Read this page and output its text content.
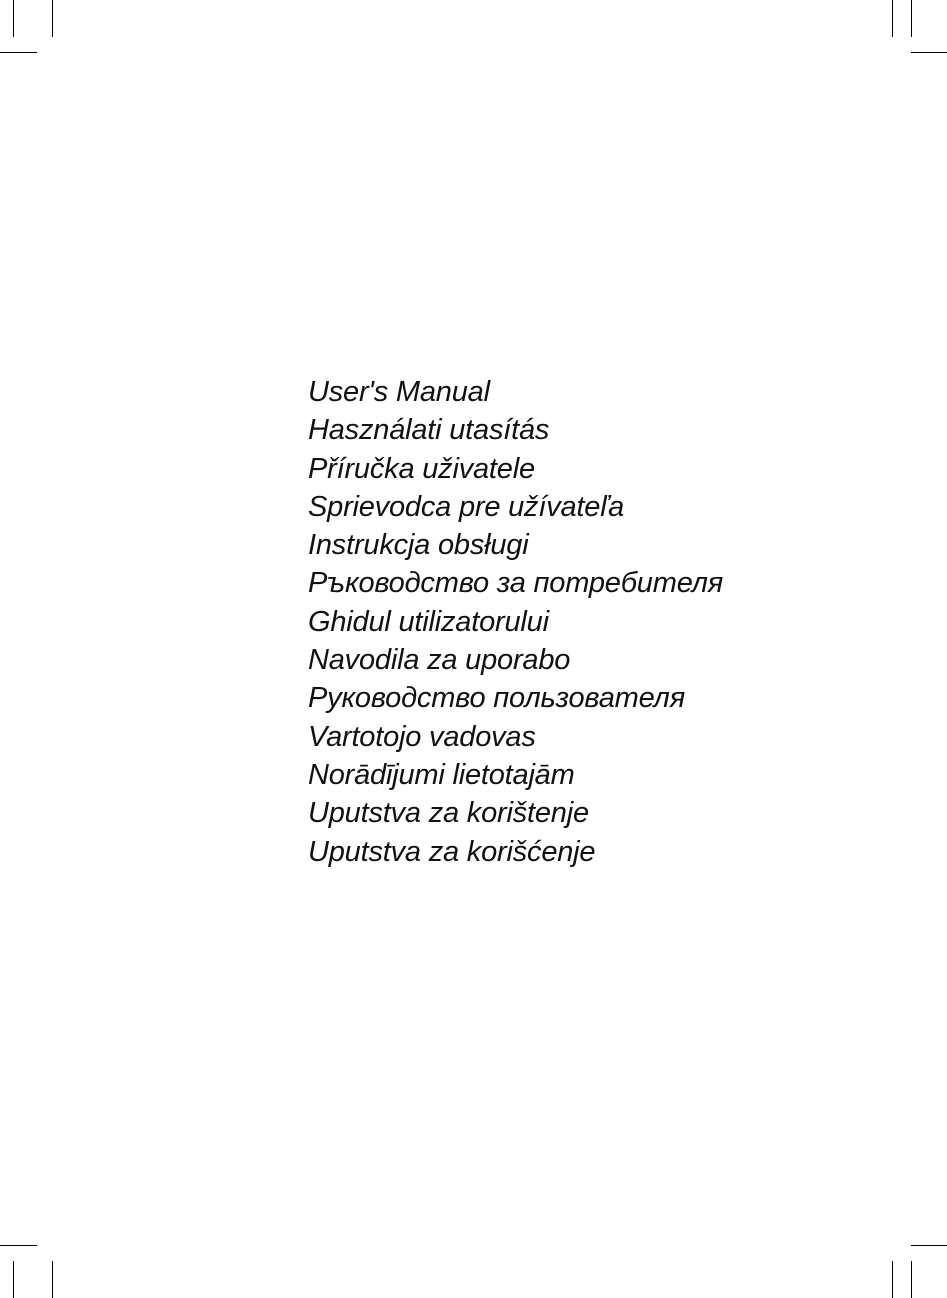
User's Manual
Használati utasítás
Příručka uživatele
Sprievodca pre užívateľa
Instrukcja obsługi
Ръководство за потребителя
Ghidul utilizatorului
Navodila za uporabo
Руководство пользователя
Vartotojo vadovas
Norādījumi lietotajām
Uputstva za korištenje
Uputstva za korišćenje
